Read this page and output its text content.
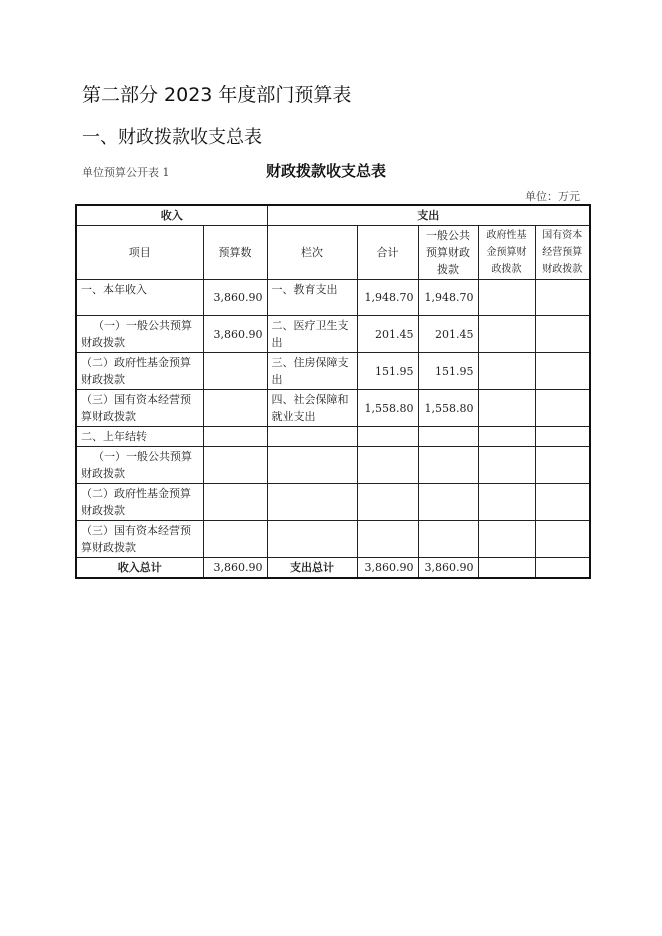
第二部分 2023 年度部门预算表
一、财政拨款收支总表
单位预算公开表 1	财政拨款收支总表
单位：万元
收入		支出				
项目	预算数	栏次	合计	一般公共预算财政拨款	政府性基金预算财政拨款	国有资本经营预算财政拨款
一、本年收入	3,860.90	一、教育支出	1,948.70	1,948.70		
（一）一般公共预算财政拨款	3,860.90	二、医疗卫生支出	201.45	201.45		
（二）政府性基金预算财政拨款		三、住房保障支出	151.95	151.95		
（三）国有资本经营预算财政拨款		四、社会保障和就业支出	1,558.80	1,558.80		
二、上年结转						
（一）一般公共预算财政拨款						
（二）政府性基金预算财政拨款						
（三）国有资本经营预算财政拨款						
收入总计	3,860.90	支出总计	3,860.90	3,860.90		
